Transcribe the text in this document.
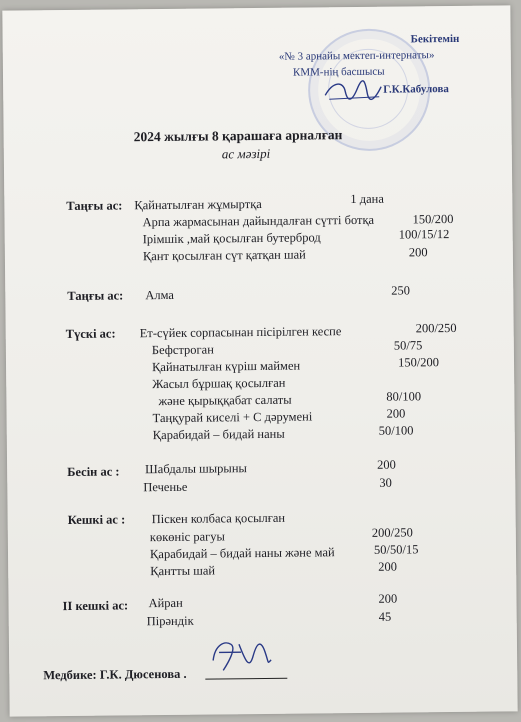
Бекітемін
«№ 3 арнайы мектеп-интернаты»
КММ-нің басшысы
Г.К.Кабулова
2024 жылғы 8 қарашаға арналған
ас мәзірі
Таңғы ас: Қайнатылған жұмыртқа	1 дана
Арпа жармасынан дайындалған сүтті ботқа	150/200
Ірімшік ,май қосылған бутерброд	100/15/12
Қант қосылған сүт қатқан шай	200
Таңғы ас: Алма	250
Түскі ас: Ет-сүйек сорпасынан пісірілген кеспе	200/250
Бефстроган	50/75
Қайнатылған күріш маймен	150/200
Жасыл бұршақ қосылған
және қырыққабат салаты	80/100
Таңқурай киселі + С дәрумені	200
Қарабидай – бидай наны	50/100
Бесін ас : Шабдалы шырыны	200
Печенье	30
Кешкі ас : Піскен колбаса қосылған
көкөніс рагуы	200/250
Қарабидай – бидай наны және май	50/50/15
Қантты шай	200
ІІ кешкі ас: Айран	200
Пірәндік	45
Медбике: Г.К. Дюсенова .
